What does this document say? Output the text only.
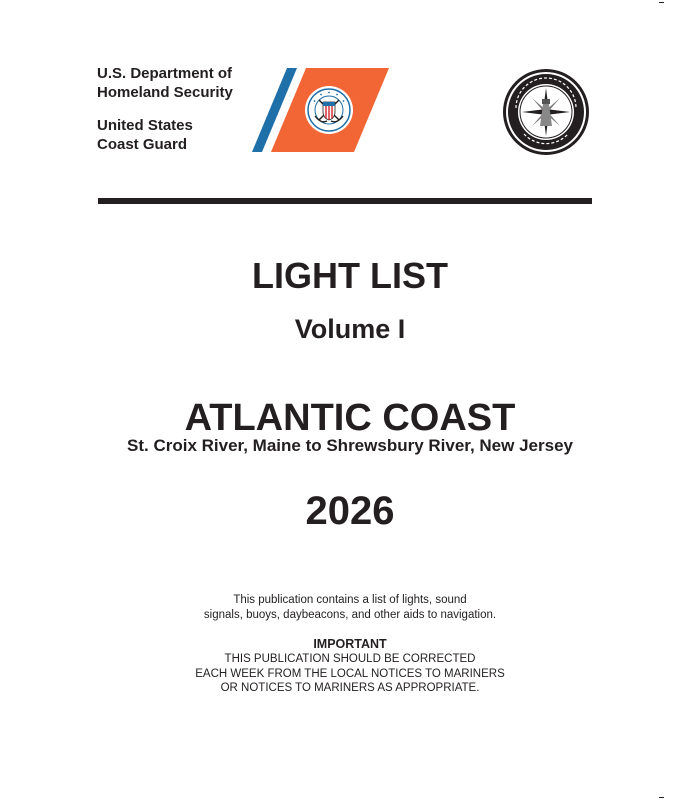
U.S. Department of
Homeland Security
United States
Coast Guard
LIGHT LIST
Volume I
ATLANTIC COAST
St. Croix River, Maine to Shrewsbury River, New Jersey
2026
This publication contains a list of lights, sound
signals, buoys, daybeacons, and other aids to navigation.
IMPORTANT
THIS PUBLICATION SHOULD BE CORRECTED
EACH WEEK FROM THE LOCAL NOTICES TO MARINERS
OR NOTICES TO MARINERS AS APPROPRIATE.
